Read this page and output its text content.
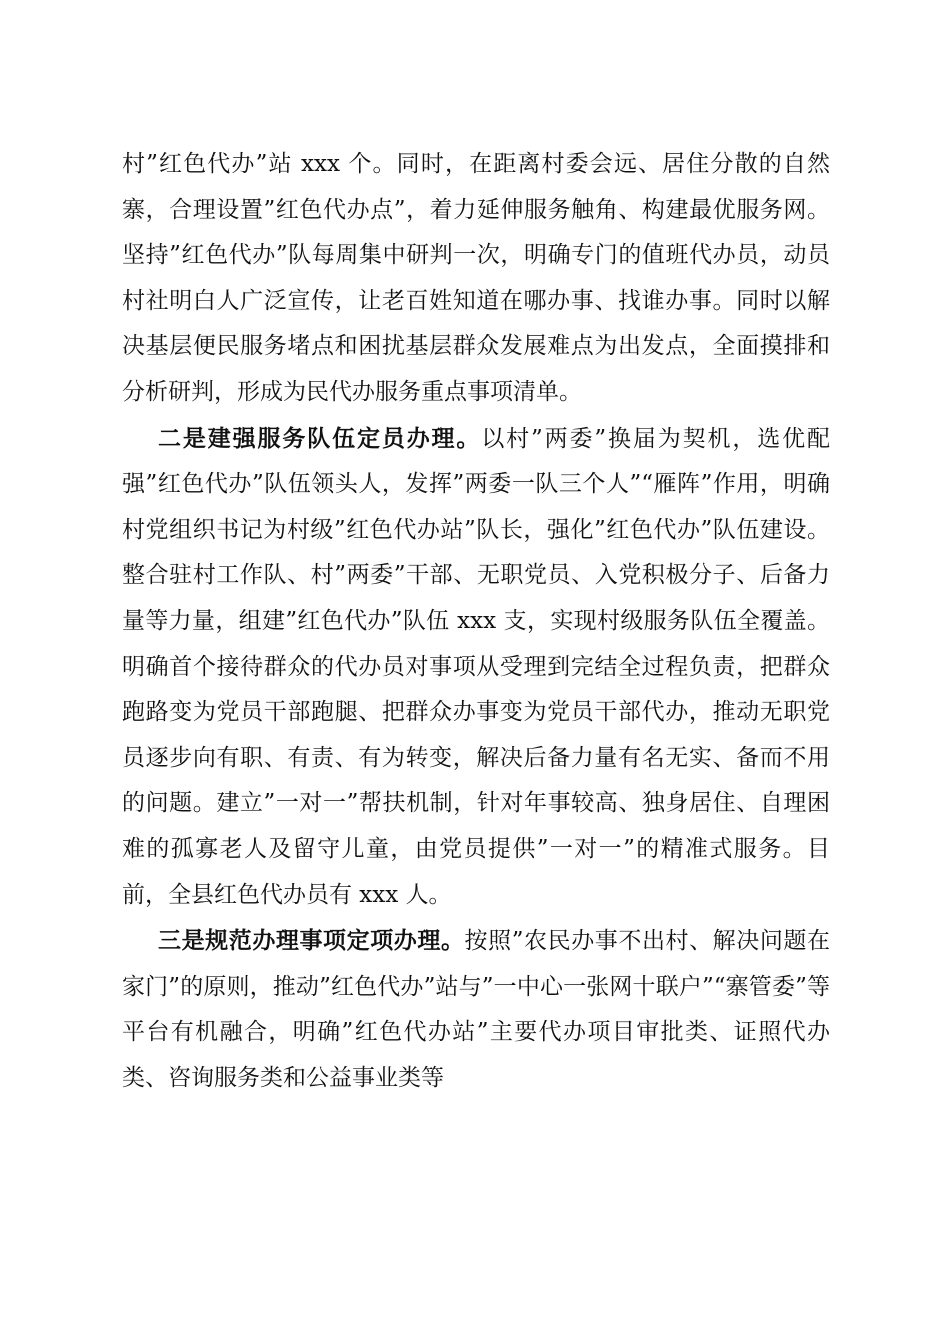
村”红色代办”站 xxx 个。同时，在距离村委会远、居住分散的自然寨，合理设置”红色代办点”，着力延伸服务触角、构建最优服务网。坚持”红色代办”队每周集中研判一次，明确专门的值班代办员，动员村社明白人广泛宣传，让老百姓知道在哪办事、找谁办事。同时以解决基层便民服务堵点和困扰基层群众发展难点为出发点，全面摸排和分析研判，形成为民代办服务重点事项清单。

二是建强服务队伍定员办理。以村”两委”换届为契机，选优配强”红色代办”队伍领头人，发挥”两委一队三个人”“雁阵”作用，明确村党组织书记为村级”红色代办站”队长，强化”红色代办”队伍建设。整合驻村工作队、村”两委”干部、无职党员、入党积极分子、后备力量等力量，组建”红色代办”队伍 xxx 支，实现村级服务队伍全覆盖。明确首个接待群众的代办员对事项从受理到完结全过程负责，把群众跑路变为党员干部跑腿、把群众办事变为党员干部代办，推动无职党员逐步向有职、有责、有为转变，解决后备力量有名无实、备而不用的问题。建立”一对一”帮扶机制，针对年事较高、独身居住、自理困难的孤寡老人及留守儿童，由党员提供”一对一”的精准式服务。目前，全县红色代办员有 xxx 人。

三是规范办理事项定项办理。按照”农民办事不出村、解决问题在家门”的原则，推动”红色代办”站与”一中心一张网十联户”“寨管委”等平台有机融合，明确”红色代办站”主要代办项目审批类、证照代办类、咨询服务类和公益事业类等
